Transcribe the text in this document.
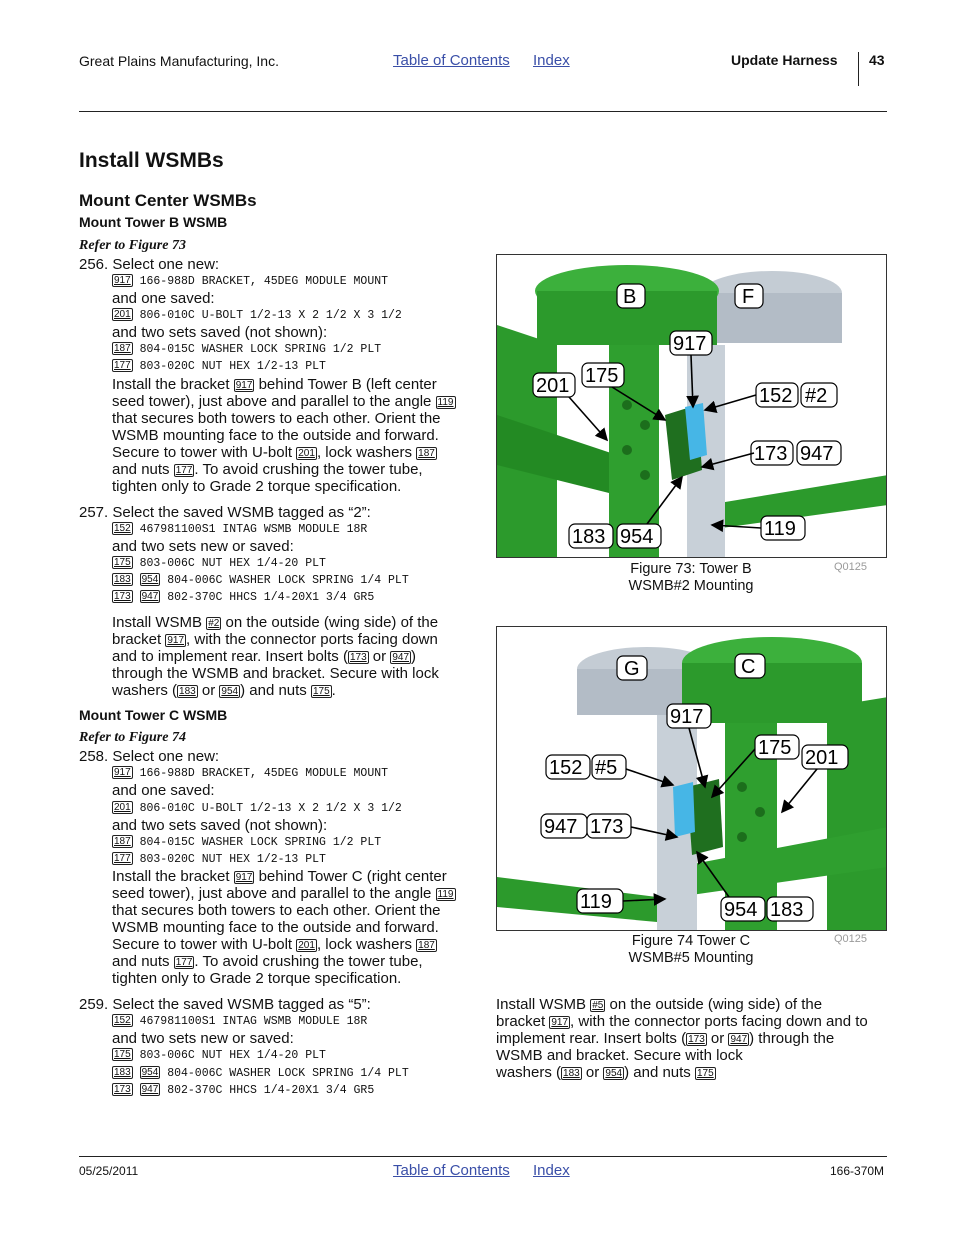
Great Plains Manufacturing, Inc.	Table of Contents Index	Update Harness 43
Install WSMBs
Mount Center WSMBs
Mount Tower B WSMB
Refer to Figure 73
256. Select one new:
917 166-988D BRACKET, 45DEG MODULE MOUNT
and one saved:
201 806-010C U-BOLT 1/2-13 X 2 1/2 X 3 1/2
and two sets saved (not shown):
187 804-015C WASHER LOCK SPRING 1/2 PLT
177 803-020C NUT HEX 1/2-13 PLT
Install the bracket 917 behind Tower B (left center
seed tower), just above and parallel to the angle 119
that secures both towers to each other. Orient the
WSMB mounting face to the outside and forward.
Secure to tower with U-bolt 201 , lock washers 187
and nuts 177 . To avoid crushing the tower tube,
tighten only to Grade 2 torque specification.
257. Select the saved WSMB tagged as “2”:
152 467981100S1 INTAG WSMB MODULE 18R
and two sets new or saved:
175 803-006C NUT HEX 1/4-20 PLT
183 954 804-006C WASHER LOCK SPRING 1/4 PLT
173 947 802-370C HHCS 1/4-20X1 3/4 GR5
Install WSMB #2 on the outside (wing side) of the
bracket 917 , with the connector ports facing down
and to implement rear. Insert bolts ( 173 or 947 )
through the WSMB and bracket. Secure with lock
washers ( 183 or 954 ) and nuts 175 .
Mount Tower C WSMB
Refer to Figure 74
258. Select one new:
917 166-988D BRACKET, 45DEG MODULE MOUNT
and one saved:
201 806-010C U-BOLT 1/2-13 X 2 1/2 X 3 1/2
and two sets saved (not shown):
187 804-015C WASHER LOCK SPRING 1/2 PLT
177 803-020C NUT HEX 1/2-13 PLT
Install the bracket 917 behind Tower C (right center
seed tower), just above and parallel to the angle 119
that secures both towers to each other. Orient the
WSMB mounting face to the outside and forward.
Secure to tower with U-bolt 201 , lock washers 187
and nuts 177 . To avoid crushing the tower tube,
tighten only to Grade 2 torque specification.
259. Select the saved WSMB tagged as “5”:
152 467981100S1 INTAG WSMB MODULE 18R
and two sets new or saved:
175 803-006C NUT HEX 1/4-20 PLT
183 954 804-006C WASHER LOCK SPRING 1/4 PLT
173 947 802-370C HHCS 1/4-20X1 3/4 GR5
B	F
917
201 175
152 #2
173 947
183 954	119
Figure 73: Tower B
WSMB#2 Mounting
Q0125
G	C
917
175 201
152 #5
947 173
119	954 183
Figure 74 Tower C
WSMB#5 Mounting
Q0125
Install WSMB #5 on the outside (wing side) of the
bracket 917 , with the connector ports facing down and to
implement rear. Insert bolts ( 173 or 947 ) through the
WSMB and bracket. Secure with lock
washers ( 183 or 954 ) and nuts 175
05/25/2011	Table of Contents Index	166-370M
